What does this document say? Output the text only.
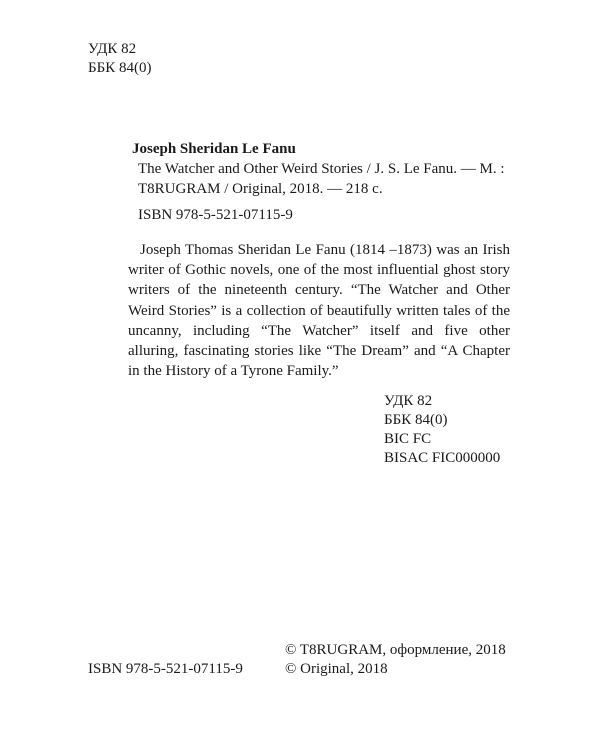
УДК 82
ББК 84(0)
Joseph Sheridan Le Fanu
The Watcher and Other Weird Stories / J. S. Le Fanu. — M. :
T8RUGRAM / Original, 2018. — 218 c.
ISBN 978-5-521-07115-9

Joseph Thomas Sheridan Le Fanu (1814 –1873) was an Irish writer of Gothic novels, one of the most influential ghost story writers of the nineteenth century. “The Watcher and Other Weird Stories” is a collection of beautifully written tales of the uncanny, including “The Watcher” itself and five other alluring, fascinating stories like “The Dream” and “A Chapter in the History of a Tyrone Family.”

УДК 82
ББК 84(0)
BIC FC
BISAC FIC000000
© T8RUGRAM, оформление, 2018
© Original, 2018
ISBN 978-5-521-07115-9
